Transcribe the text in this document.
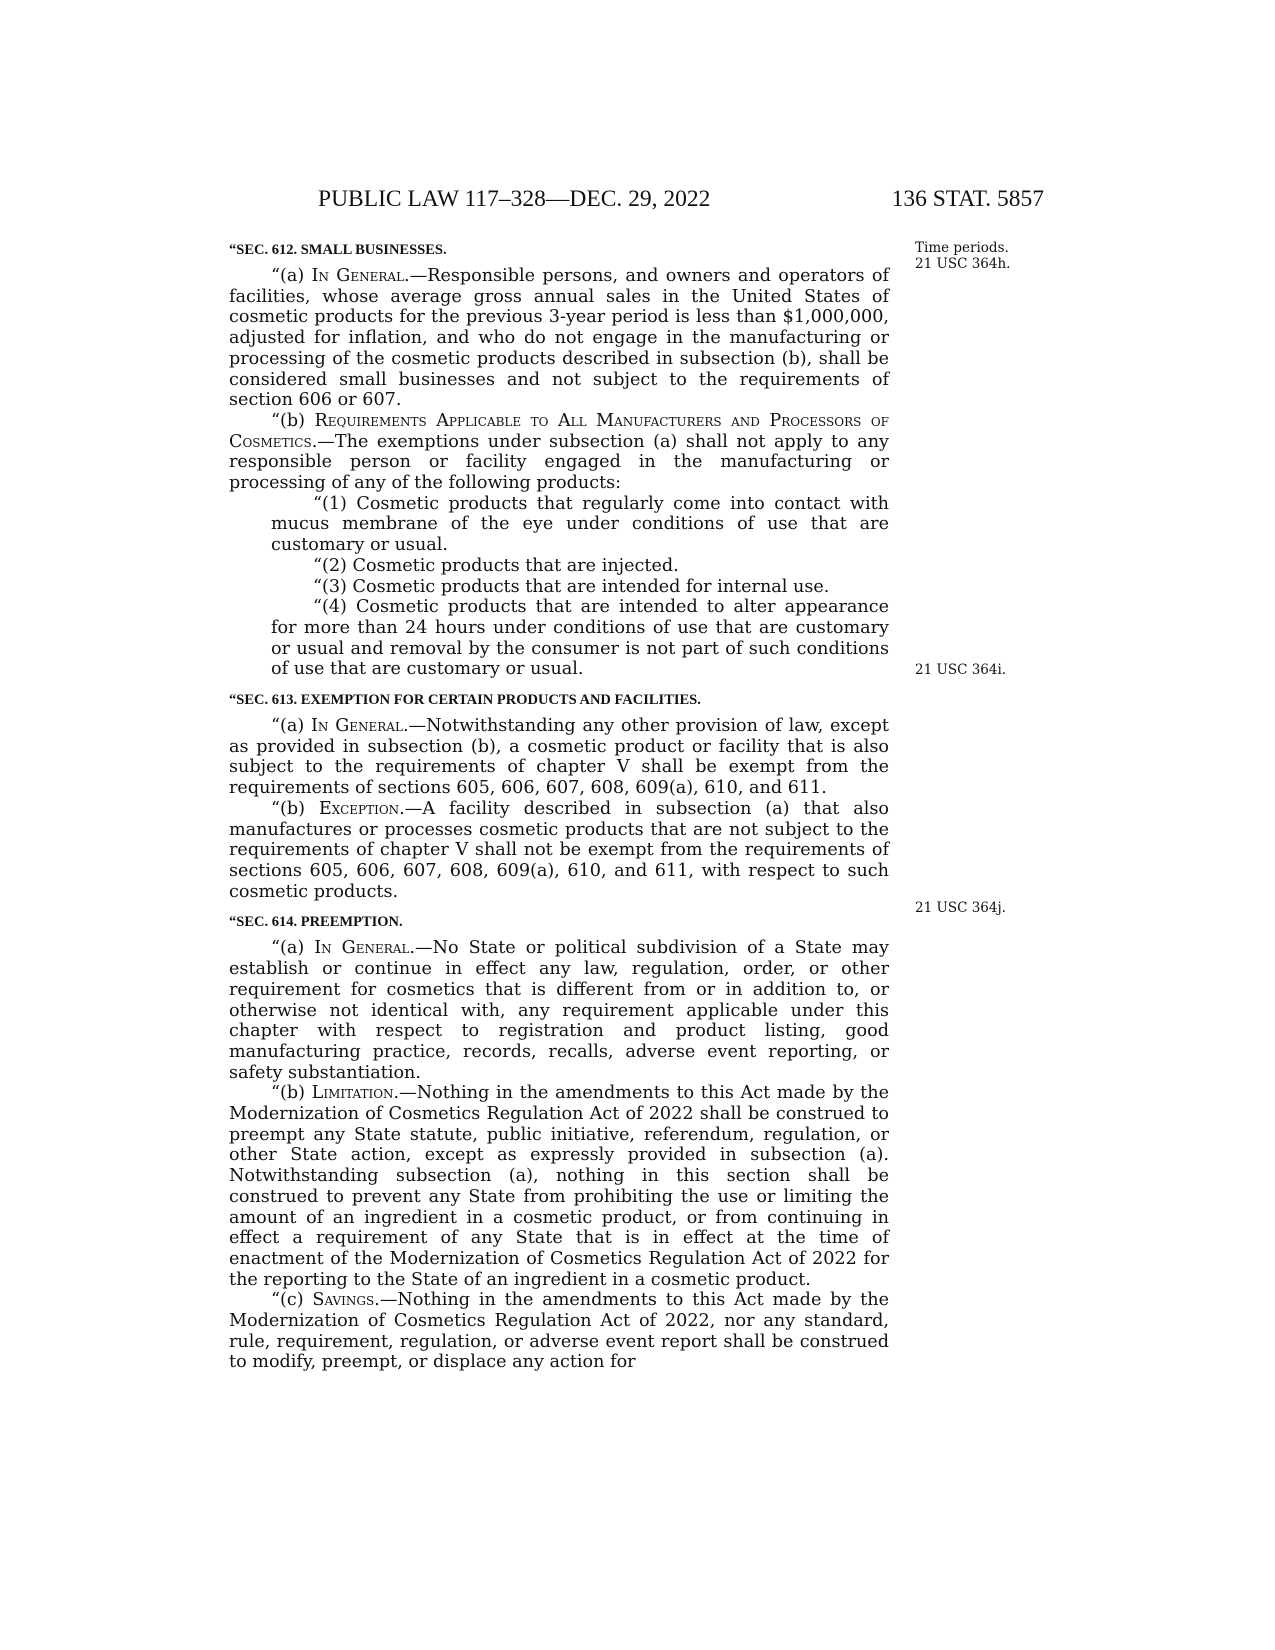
PUBLIC LAW 117–328—DEC. 29, 2022	136 STAT. 5857
Time periods.
21 USC 364h.
21 USC 364i.
21 USC 364j.
“SEC. 612. SMALL BUSINESSES.

“(a) In General.—Responsible persons, and owners and operators of facilities, whose average gross annual sales in the United States of cosmetic products for the previous 3-year period is less than $1,000,000, adjusted for inflation, and who do not engage in the manufacturing or processing of the cosmetic products described in subsection (b), shall be considered small businesses and not subject to the requirements of section 606 or 607.

“(b) Requirements Applicable to All Manufacturers and Processors of Cosmetics.—The exemptions under subsection (a) shall not apply to any responsible person or facility engaged in the manufacturing or processing of any of the following products:

“(1) Cosmetic products that regularly come into contact with mucus membrane of the eye under conditions of use that are customary or usual.

“(2) Cosmetic products that are injected.

“(3) Cosmetic products that are intended for internal use.

“(4) Cosmetic products that are intended to alter appearance for more than 24 hours under conditions of use that are customary or usual and removal by the consumer is not part of such conditions of use that are customary or usual.

“SEC. 613. EXEMPTION FOR CERTAIN PRODUCTS AND FACILITIES.

“(a) In General.—Notwithstanding any other provision of law, except as provided in subsection (b), a cosmetic product or facility that is also subject to the requirements of chapter V shall be exempt from the requirements of sections 605, 606, 607, 608, 609(a), 610, and 611.

“(b) Exception.—A facility described in subsection (a) that also manufactures or processes cosmetic products that are not subject to the requirements of chapter V shall not be exempt from the requirements of sections 605, 606, 607, 608, 609(a), 610, and 611, with respect to such cosmetic products.

“SEC. 614. PREEMPTION.

“(a) In General.—No State or political subdivision of a State may establish or continue in effect any law, regulation, order, or other requirement for cosmetics that is different from or in addition to, or otherwise not identical with, any requirement applicable under this chapter with respect to registration and product listing, good manufacturing practice, records, recalls, adverse event reporting, or safety substantiation.

“(b) Limitation.—Nothing in the amendments to this Act made by the Modernization of Cosmetics Regulation Act of 2022 shall be construed to preempt any State statute, public initiative, referendum, regulation, or other State action, except as expressly provided in subsection (a). Notwithstanding subsection (a), nothing in this section shall be construed to prevent any State from prohibiting the use or limiting the amount of an ingredient in a cosmetic product, or from continuing in effect a requirement of any State that is in effect at the time of enactment of the Modernization of Cosmetics Regulation Act of 2022 for the reporting to the State of an ingredient in a cosmetic product.

“(c) Savings.—Nothing in the amendments to this Act made by the Modernization of Cosmetics Regulation Act of 2022, nor any standard, rule, requirement, regulation, or adverse event report shall be construed to modify, preempt, or displace any action for
